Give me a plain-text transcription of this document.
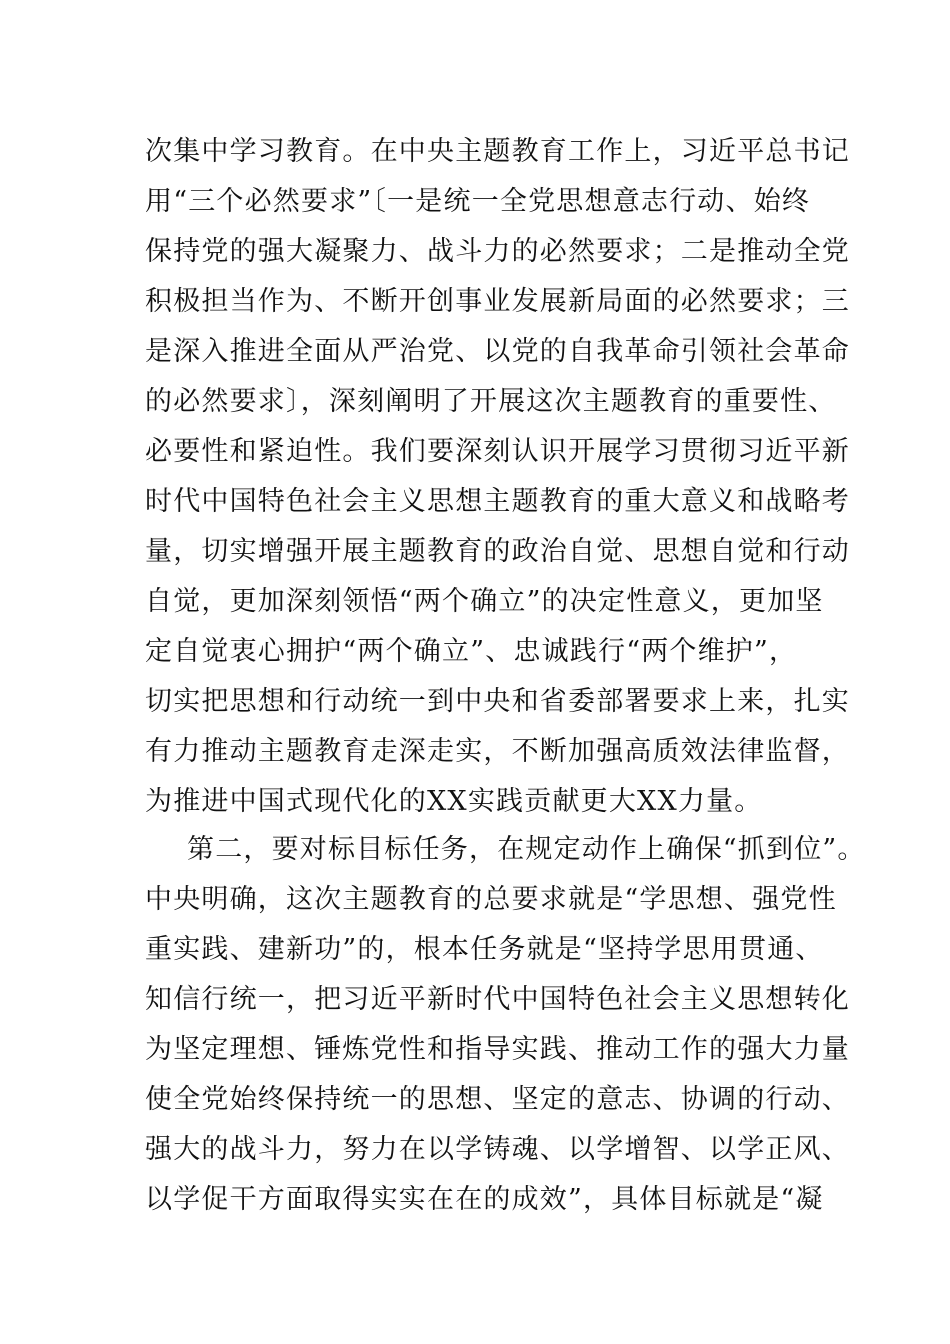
次集中学习教育。在中央主题教育工作上，习近平总书记
用“三个必然要求”〔一是统一全党思想意志行动、始终
保持党的强大凝聚力、战斗力的必然要求；二是推动全党
积极担当作为、不断开创事业发展新局面的必然要求；三
是深入推进全面从严治党、以党的自我革命引领社会革命
的必然要求〕，深刻阐明了开展这次主题教育的重要性、
必要性和紧迫性。我们要深刻认识开展学习贯彻习近平新
时代中国特色社会主义思想主题教育的重大意义和战略考
量，切实增强开展主题教育的政治自觉、思想自觉和行动
自觉，更加深刻领悟“两个确立”的决定性意义，更加坚
定自觉衷心拥护“两个确立”、忠诚践行“两个维护”，
切实把思想和行动统一到中央和省委部署要求上来，扎实
有力推动主题教育走深走实，不断加强高质效法律监督，
为推进中国式现代化的XX实践贡献更大XX力量。
第二，要对标目标任务，在规定动作上确保“抓到位”。
中央明确，这次主题教育的总要求就是“学思想、强党性
重实践、建新功”的，根本任务就是“坚持学思用贯通、
知信行统一，把习近平新时代中国特色社会主义思想转化
为坚定理想、锤炼党性和指导实践、推动工作的强大力量
使全党始终保持统一的思想、坚定的意志、协调的行动、
强大的战斗力，努力在以学铸魂、以学增智、以学正风、
以学促干方面取得实实在在的成效”，具体目标就是“凝
